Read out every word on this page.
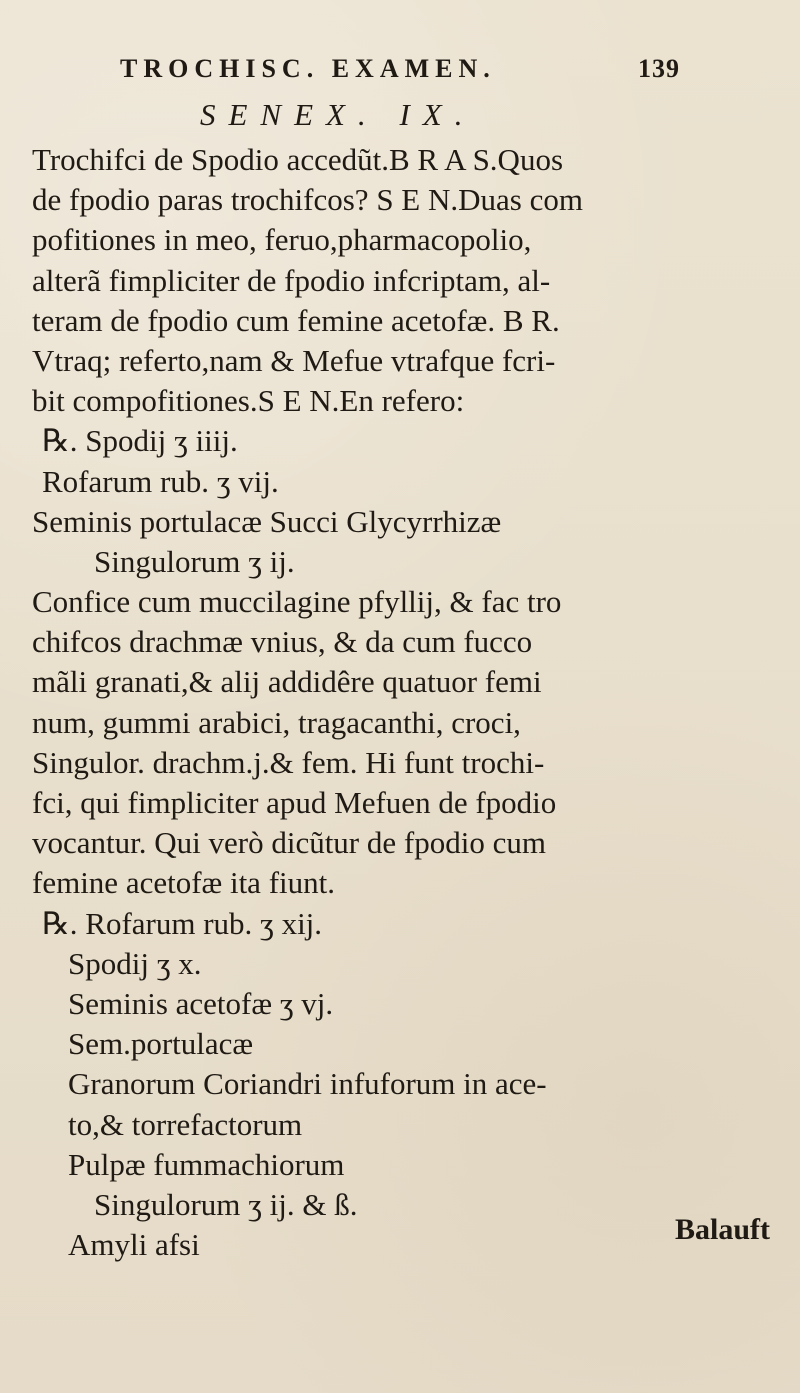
TROCHISC. EXAMEN.	139
SENEX. IX.
Trochifci de Spodio accedũt.B R A S.Quos
de fpodio paras trochifcos? S E N.Duas com
pofitiones in meo, feruo,pharmacopolio,
alterã fimpliciter de fpodio infcriptam, al-
teram de fpodio cum femine acetofæ. B R.
Vtraq; referto,nam & Mefue vtrafque fcri-
bit compofitiones.S E N.En refero:
℞. Spodij ʒ iiij.
Rofarum rub. ʒ vij.
Seminis portulacæ Succi Glycyrrhizæ
Singulorum ʒ ij.
Confice cum muccilagine pfyllij, & fac tro
chifcos drachmæ vnius, & da cum fucco
mãli granati,& alij addidêre quatuor femi
num, gummi arabici, tragacanthi, croci,
Singulor. drachm.j.& fem. Hi funt trochi-
fci, qui fimpliciter apud Mefuen de fpodio
vocantur. Qui verò dicũtur de fpodio cum
femine acetofæ ita fiunt.
℞. Rofarum rub. ʒ xij.
Spodij ʒ x.
Seminis acetofæ ʒ vj.
Sem.portulacæ
Granorum Coriandri infuforum in ace-
to,& torrefactorum
Pulpæ fummachiorum
Singulorum ʒ ij. & ß.
Amyli afsi	Balauft
